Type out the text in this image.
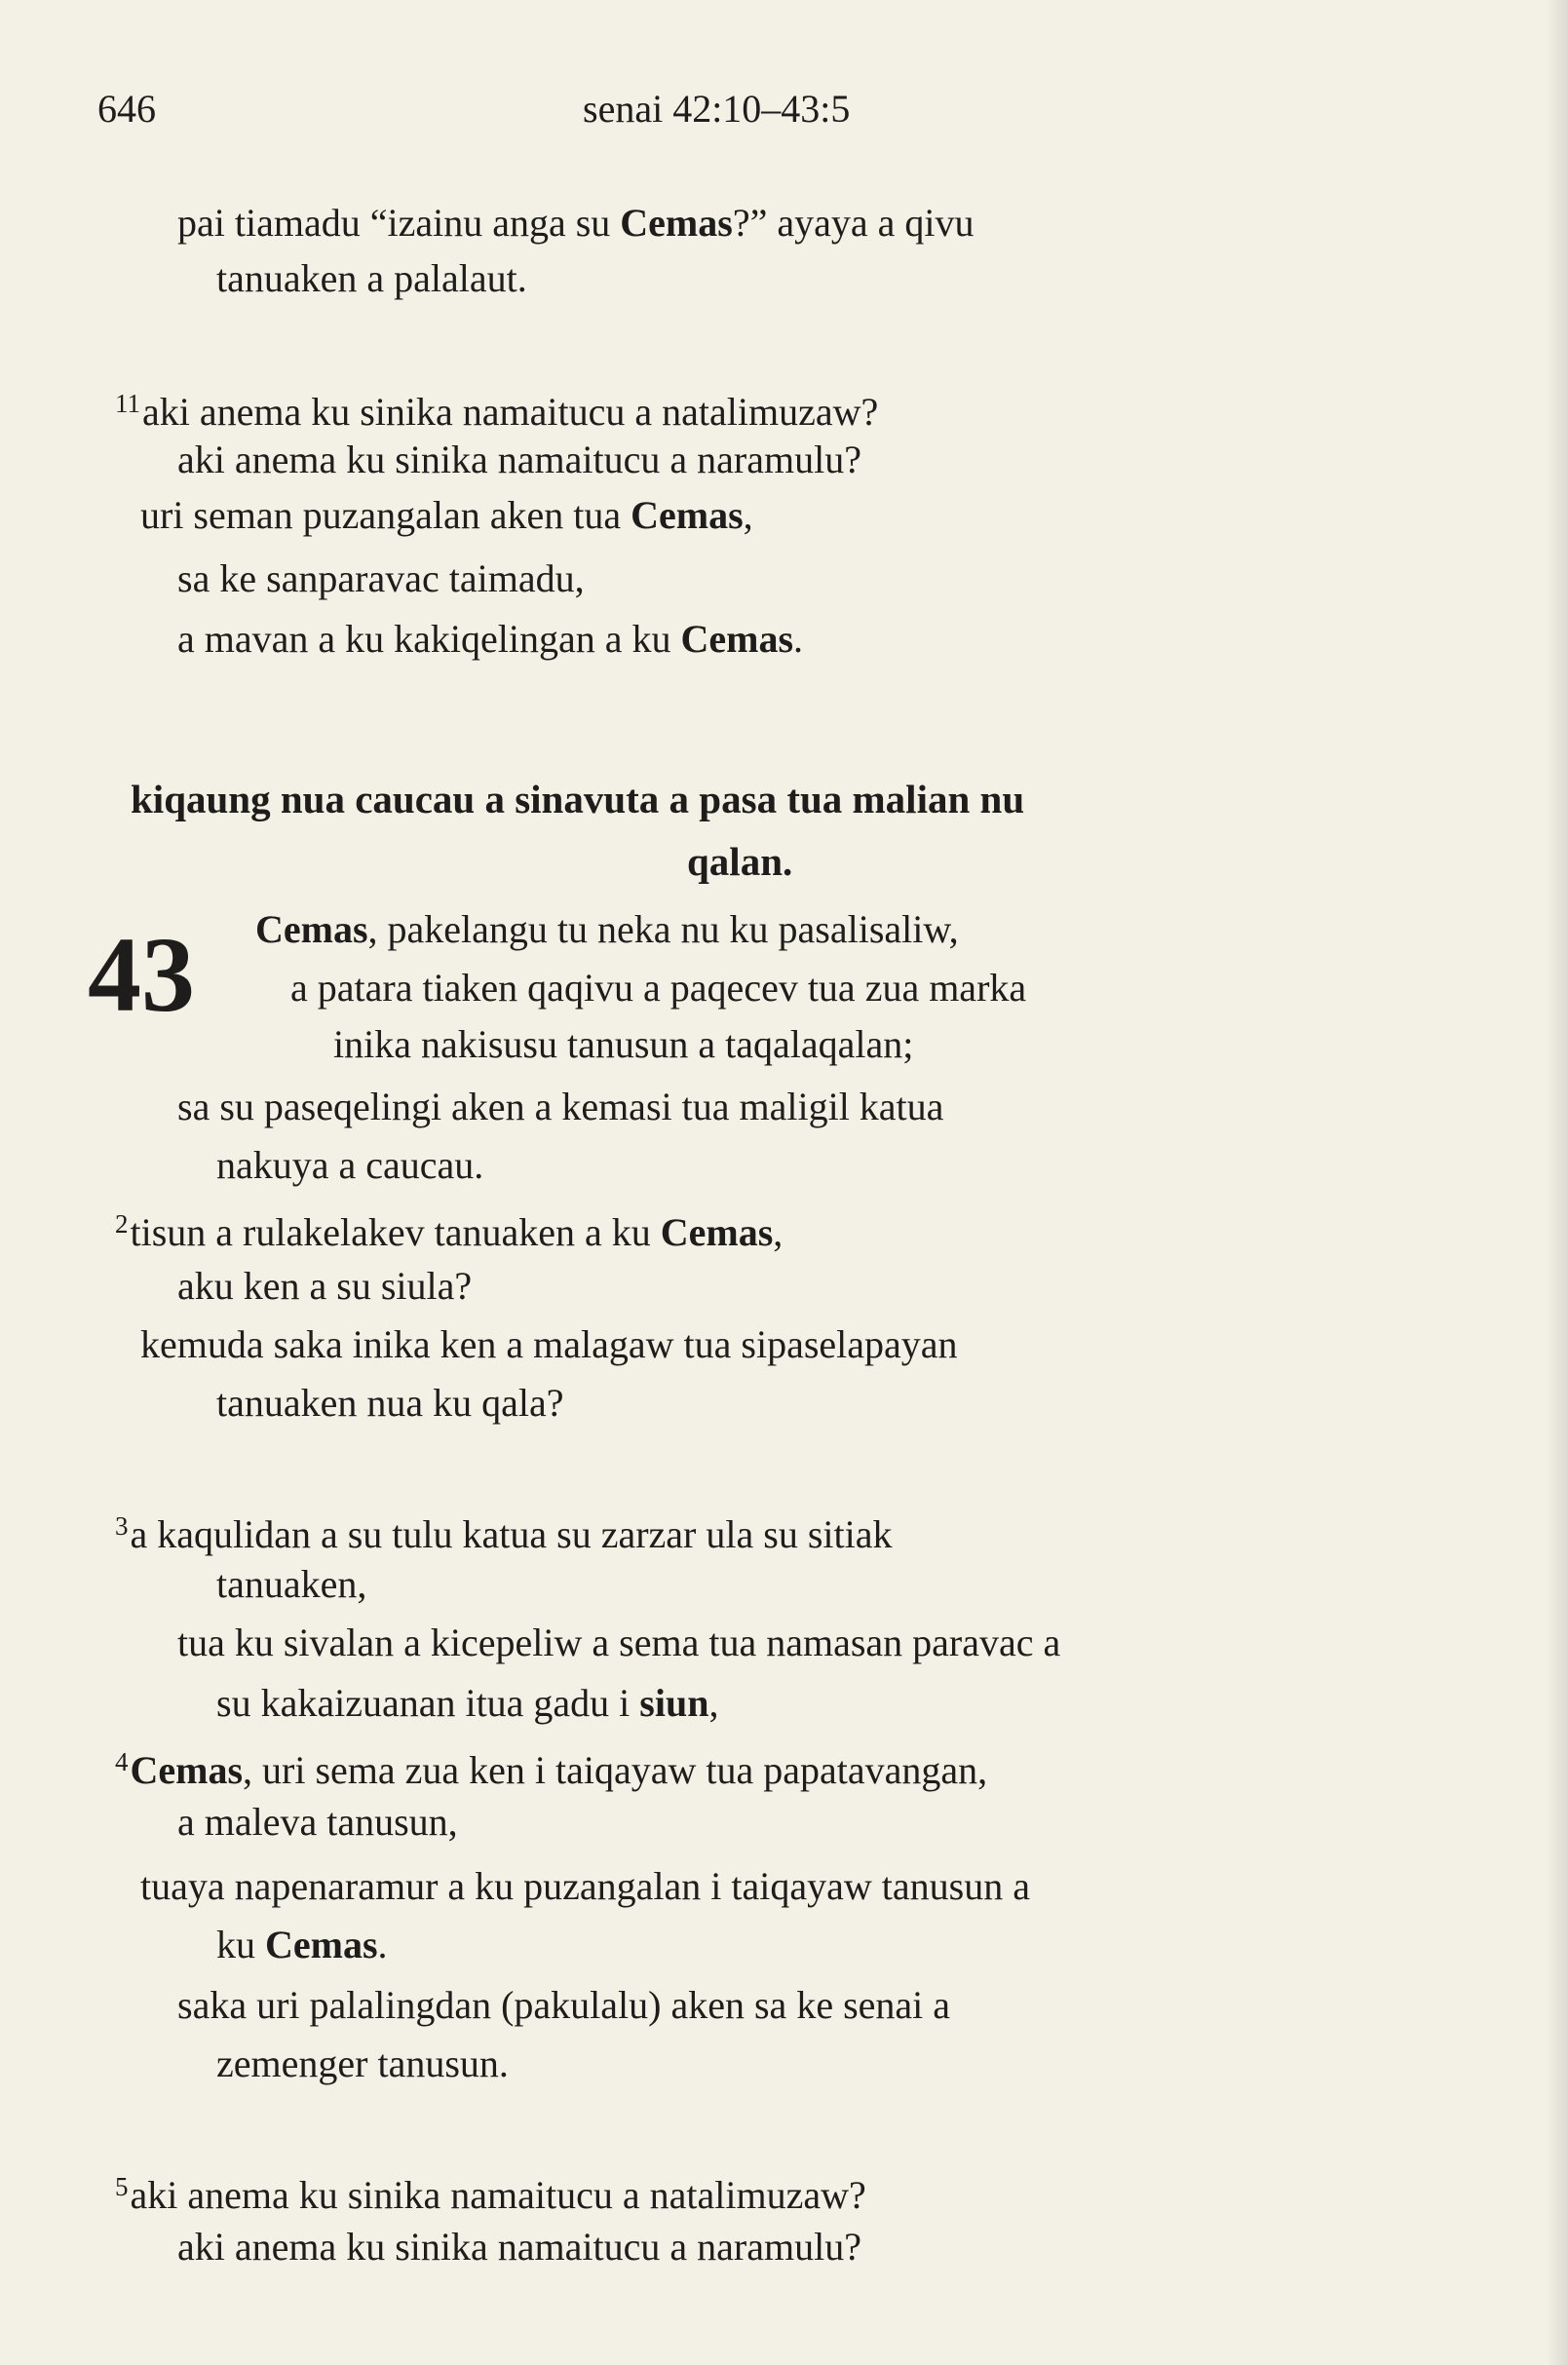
646	senai 42:10–43:5
pai tiamadu “izainu anga su Cemas?” ayaya a qivu
tanuaken a palalaut.
$^{11}$aki anema ku sinika namaitucu a natalimuzaw?
aki anema ku sinika namaitucu a naramulu?
uri seman puzangalan aken tua Cemas,
sa ke sanparavac taimadu,
a mavan a ku kakiqelingan a ku Cemas.
kiqaung nua caucau a sinavuta a pasa tua malian nu
qalan.
43 Cemas, pakelangu tu neka nu ku pasalisaliw,
a patara tiaken qaqivu a paqecev tua zua marka
inika nakisusu tanusun a taqalaqalan;
sa su paseqelingi aken a kemasi tua maligil katua
nakuya a caucau.
$^2$tisun a rulakelakev tanuaken a ku Cemas,
aku ken a su siula?
kemuda saka inika ken a malagaw tua sipaselapayan
tanuaken nua ku qala?
$^3$a kaqulidan a su tulu katua su zarzar ula su sitiak
tanuaken,
tua ku sivalan a kicepeliw a sema tua namasan paravac a
su kakaizuanan itua gadu i siun,
$^4$Cemas, uri sema zua ken i taiqayaw tua papatavangan,
a maleva tanusun,
tuaya napenaramur a ku puzangalan i taiqayaw tanusun a
ku Cemas.
saka uri palalingdan (pakulalu) aken sa ke senai a
zemenger tanusun.
$^5$aki anema ku sinika namaitucu a natalimuzaw?
aki anema ku sinika namaitucu a naramulu?
